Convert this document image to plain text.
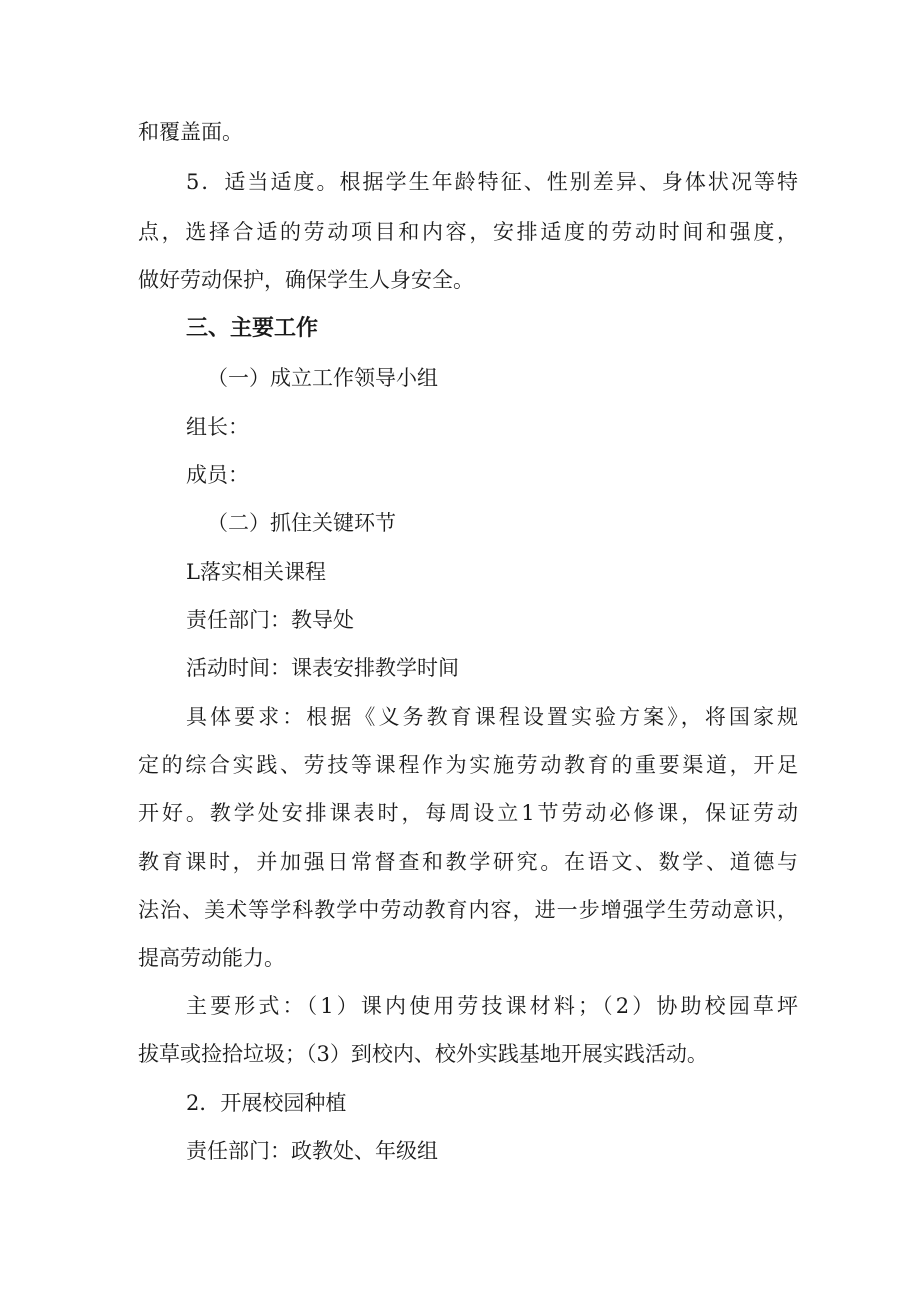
和覆盖面。
5．适当适度。根据学生年龄特征、性别差异、身体状况等特
点，选择合适的劳动项目和内容，安排适度的劳动时间和强度，
做好劳动保护，确保学生人身安全。
三、主要工作
（一）成立工作领导小组
组长：
成员：
（二）抓住关键环节
L落实相关课程
责任部门：教导处
活动时间：课表安排教学时间
具体要求：根据《义务教育课程设置实验方案》，将国家规
定的综合实践、劳技等课程作为实施劳动教育的重要渠道，开足
开好。教学处安排课表时，每周设立1节劳动必修课，保证劳动
教育课时，并加强日常督查和教学研究。在语文、数学、道德与
法治、美术等学科教学中劳动教育内容，进一步增强学生劳动意识，
提高劳动能力。
主要形式：（1）课内使用劳技课材料；（2）协助校园草坪
拔草或捡拾垃圾；（3）到校内、校外实践基地开展实践活动。
2．开展校园种植
责任部门：政教处、年级组
